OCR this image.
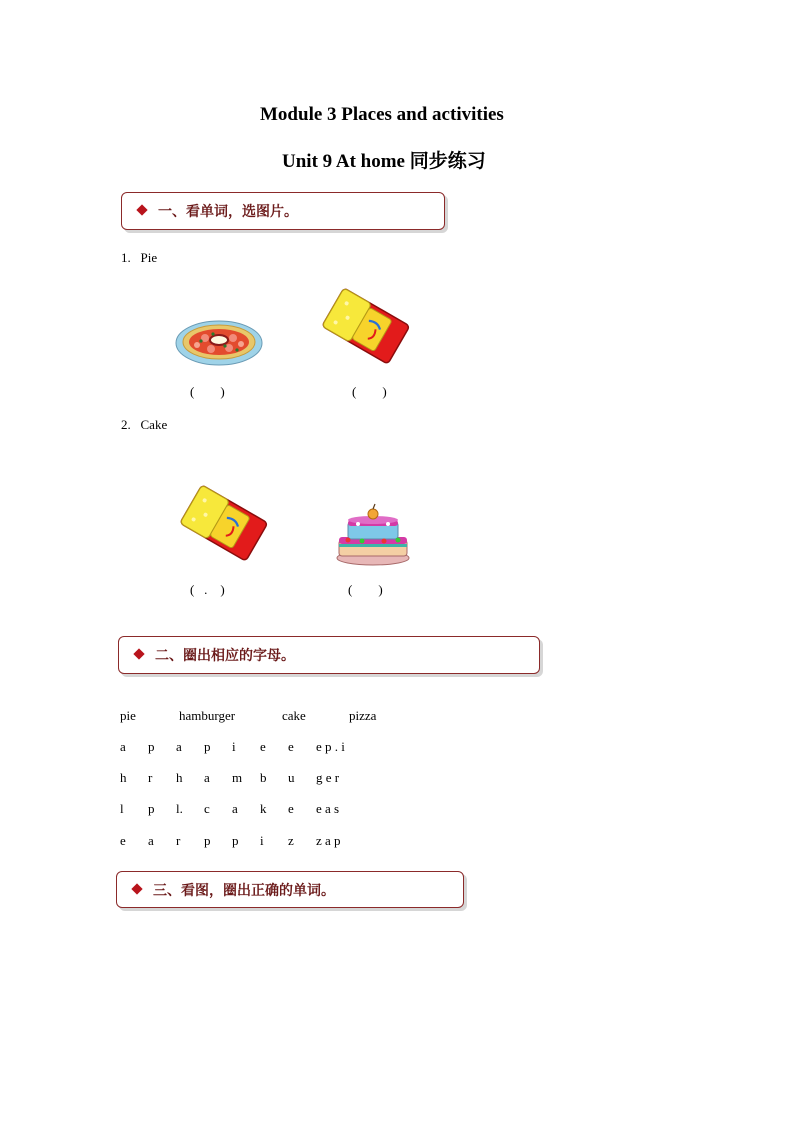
Module 3 Places and activities
Unit 9 At home 同步练习
一、看单词，选图片。
1. Pie
(        )	(        )
2. Cake
(   .    )	(        )
二、圈出相应的字母。
pie	hamburger	cake	pizza
a p a p i e e e p . i
h r h a m b u g e r
l p l. c a k e e a s
e a r p p i z z a p
三、看图，圈出正确的单词。
